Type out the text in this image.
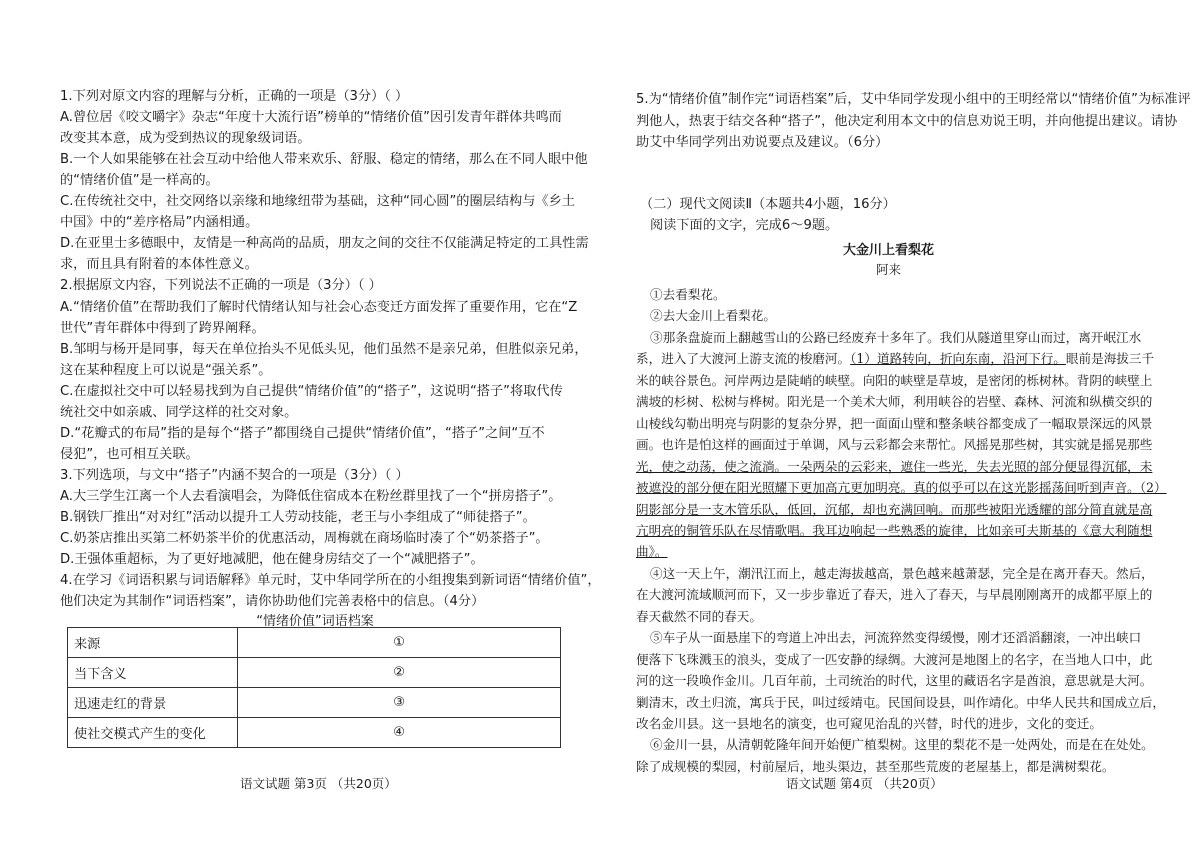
1.下列对原文内容的理解与分析，正确的一项是（3分）（ ）
A.曾位居《咬文嚼字》杂志“年度十大流行语”榜单的“情绪价值”因引发青年群体共鸣而
改变其本意，成为受到热议的现象级词语。
B.一个人如果能够在社会互动中给他人带来欢乐、舒服、稳定的情绪，那么在不同人眼中他
的“情绪价值”是一样高的。
C.在传统社交中，社交网络以亲缘和地缘纽带为基础，这种“同心圆”的圈层结构与《乡土
中国》中的“差序格局”内涵相通。
D.在亚里士多德眼中，友情是一种高尚的品质，朋友之间的交往不仅能满足特定的工具性需
求，而且具有附着的本体性意义。
2.根据原文内容，下列说法不正确的一项是（3分）（ ）
A.“情绪价值”在帮助我们了解时代情绪认知与社会心态变迁方面发挥了重要作用，它在“Z
世代”青年群体中得到了跨界阐释。
B.邹明与杨开是同事，每天在单位抬头不见低头见，他们虽然不是亲兄弟，但胜似亲兄弟，
这在某种程度上可以说是“强关系”。
C.在虚拟社交中可以轻易找到为自己提供“情绪价值”的“搭子”，这说明“搭子”将取代传
统社交中如亲戚、同学这样的社交对象。
D.“花瓣式的布局”指的是每个“搭子”都围绕自己提供“情绪价值”，“搭子”之间“互不
侵犯”，也可相互关联。
3.下列选项，与文中“搭子”内涵不契合的一项是（3分）（ ）
A.大三学生江离一个人去看演唱会，为降低住宿成本在粉丝群里找了一个“拼房搭子”。
B.钢铁厂推出“对对红”活动以提升工人劳动技能，老王与小李组成了“师徒搭子”。
C.奶茶店推出买第二杯奶茶半价的优惠活动，周梅就在商场临时凑了个“奶茶搭子”。
D.王强体重超标，为了更好地减肥，他在健身房结交了一个“减肥搭子”。
4.在学习《词语积累与词语解释》单元时，艾中华同学所在的小组搜集到新词语“情绪价值”，
他们决定为其制作“词语档案”，请你协助他们完善表格中的信息。（4分）
“情绪价值”词语档案
来源	①
当下含义	②
迅速走红的背景	③
使社交模式产生的变化	④
语文试题 第3页 （共20页）
5.为“情绪价值”制作完“词语档案”后，艾中华同学发现小组中的王明经常以“情绪价值”为标准评
判他人，热衷于结交各种“搭子”，他决定利用本文中的信息劝说王明，并向他提出建议。请协
助艾中华同学列出劝说要点及建议。（6分）
（二）现代文阅读Ⅱ（本题共4小题，16分）
阅读下面的文字，完成6～9题。
大金川上看梨花
阿来
①去看梨花。
②去大金川上看梨花。
③那条盘旋而上翻越雪山的公路已经废弃十多年了。我们从隧道里穿山而过，离开岷江水
系，进入了大渡河上游支流的梭磨河。（1）道路转向，折向东南，沿河下行。眼前是海拔三千
米的峡谷景色。河岸两边是陡峭的峡壁。向阳的峡壁是草坡，是密闭的栎树林。背阴的峡壁上
满坡的杉树、松树与桦树。阳光是一个美术大师，利用峡谷的岩壁、森林、河流和纵横交织的
山棱线勾勒出明亮与阴影的复杂分界，把一面面山壁和整条峡谷都变成了一幅取景深远的风景
画。也许是怕这样的画面过于单调，风与云彩都会来帮忙。风摇晃那些树，其实就是摇晃那些
光，使之动荡，使之流淌。一朵两朵的云彩来，遮住一些光，失去光照的部分便显得沉郁，未
被遮没的部分便在阳光照耀下更加高亢更加明亮。真的似乎可以在这光影摇荡间听到声音。（2）
阴影部分是一支木管乐队，低回，沉郁，却也充满回响。而那些被阳光透耀的部分简直就是高
亢明亮的铜管乐队在尽情歌唱。我耳边响起一些熟悉的旋律，比如亲可夫斯基的《意大利随想
曲》。
④这一天上午，潮汛江而上，越走海拔越高，景色越来越萧瑟，完全是在离开春天。然后，
在大渡河流域顺河而下，又一步步靠近了春天，进入了春天，与早晨刚刚离开的成都平原上的
春天截然不同的春天。
⑤车子从一面悬崖下的弯道上冲出去，河流猝然变得缓慢，刚才还滔滔翻滚，一冲出峡口
便落下飞珠溅玉的浪头，变成了一匹安静的绿绸。大渡河是地图上的名字，在当地人口中，此
河的这一段唤作金川。几百年前，土司统治的时代，这里的藏语名字是酋浪，意思就是大河。
剿清末，改土归流，寓兵于民，叫过绥靖屯。民国间设县，叫作靖化。中华人民共和国成立后，
改名金川县。这一县地名的演变，也可窥见治乱的兴替，时代的进步，文化的变迁。
⑥金川一县，从清朝乾隆年间开始便广植梨树。这里的梨花不是一处两处，而是在在处处。
除了成规模的梨园，村前屋后，地头渠边，甚至那些荒废的老屋基上，都是满树梨花。
语文试题 第4页 （共20页）
